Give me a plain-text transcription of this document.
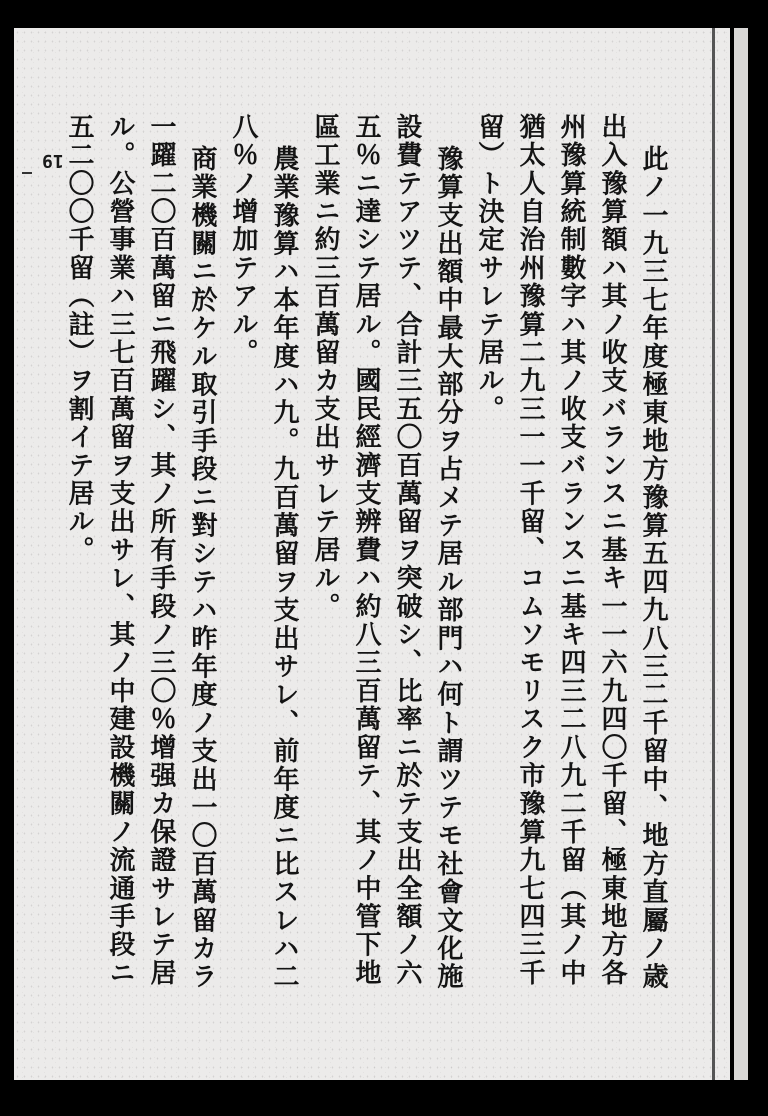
19	此ノ一九三七年度極東地方豫算五四九八三二千留中、地方直屬ノ歳
出入豫算額ハ其ノ收支バランスニ基キ一一六九四〇千留、極東地方各
州豫算統制數字ハ其ノ收支バランスニ基キ四三二八九二千留（其ノ中
猶太人自治州豫算二九三一一千留、コムソモリスク市豫算九七四三千
留）ト決定サレテ居ル。
豫算支出額中最大部分ヲ占メテ居ル部門ハ何ト謂ツテモ社會文化施
設費テアツテ、合計三五〇百萬留ヲ突破シ、比率ニ於テ支出全額ノ六
五％ニ達シテ居ル。國民經濟支辨費ハ約八三百萬留テ、其ノ中管下地
區工業ニ約三百萬留カ支出サレテ居ル。
農業豫算ハ本年度ハ九。九百萬留ヲ支出サレ、前年度ニ比スレハ二
八％ノ增加テアル。
商業機關ニ於ケル取引手段ニ對シテハ昨年度ノ支出一〇百萬留カラ
一躍二〇百萬留ニ飛躍シ、其ノ所有手段ノ三〇％增强カ保證サレテ居
ル。公營事業ハ三七百萬留ヲ支出サレ、其ノ中建設機關ノ流通手段ニ
五二〇〇千留（註）ヲ割イテ居ル。
